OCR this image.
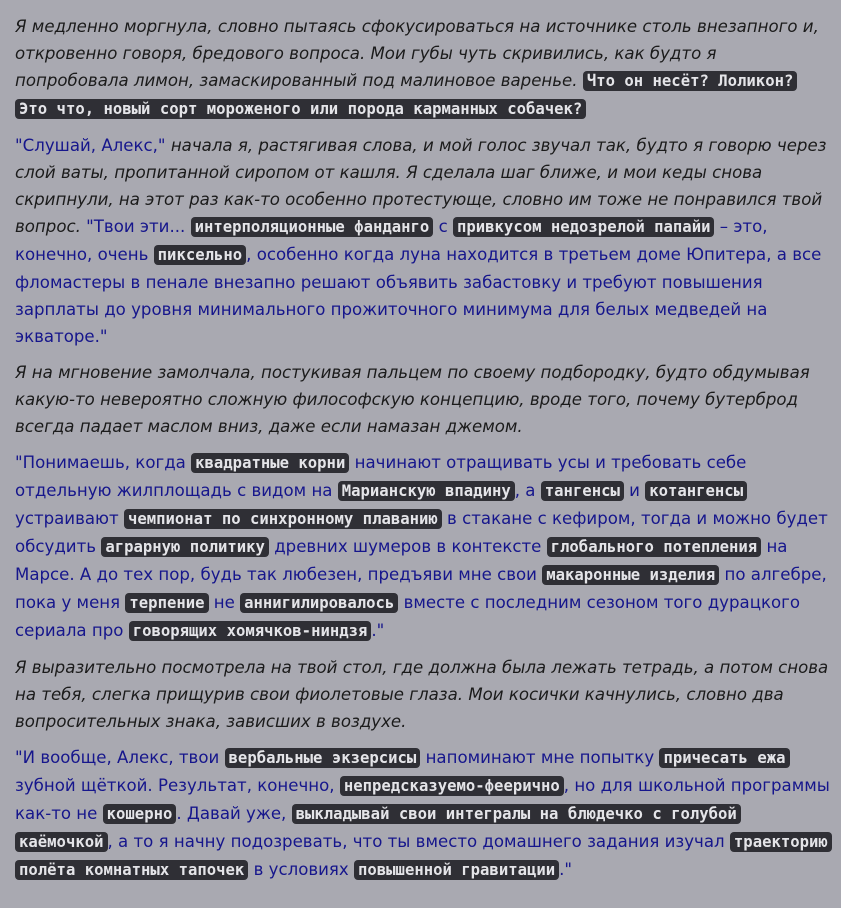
Я медленно моргнула, словно пытаясь сфокусироваться на источнике столь внезапного и, откровенно говоря, бредового вопроса. Мои губы чуть скривились, как будто я попробовала лимон, замаскированный под малиновое варенье. Что он несёт? Лоликон? Это что, новый сорт мороженого или порода карманных собачек?

"Слушай, Алекс," начала я, растягивая слова, и мой голос звучал так, будто я говорю через слой ваты, пропитанной сиропом от кашля. Я сделала шаг ближе, и мои кеды снова скрипнули, на этот раз как-то особенно протестующе, словно им тоже не понравился твой вопрос. "Твои эти... интерполяционные фанданго с привкусом недозрелой папайи – это, конечно, очень пиксельно , особенно когда луна находится в третьем доме Юпитера, а все фломастеры в пенале внезапно решают объявить забастовку и требуют повышения зарплаты до уровня минимального прожиточного минимума для белых медведей на экваторе."

Я на мгновение замолчала, постукивая пальцем по своему подбородку, будто обдумывая какую-то невероятно сложную философскую концепцию, вроде того, почему бутерброд всегда падает маслом вниз, даже если намазан джемом.

"Понимаешь, когда квадратные корни начинают отращивать усы и требовать себе отдельную жилплощадь с видом на Марианскую впадину , а тангенсы и котангенсы устраивают чемпионат по синхронному плаванию в стакане с кефиром, тогда и можно будет обсудить аграрную политику древних шумеров в контексте глобального потепления на Марсе. А до тех пор, будь так любезен, предъяви мне свои макаронные изделия по алгебре, пока у меня терпение не аннигилировалось вместе с последним сезоном того дурацкого сериала про говорящих хомячков-ниндзя ."

Я выразительно посмотрела на твой стол, где должна была лежать тетрадь, а потом снова на тебя, слегка прищурив свои фиолетовые глаза. Мои косички качнулись, словно два вопросительных знака, зависших в воздухе.

"И вообще, Алекс, твои вербальные экзерсисы напоминают мне попытку причесать ежа зубной щёткой. Результат, конечно, непредсказуемо-феерично , но для школьной программы как-то не кошерно . Давай уже, выкладывай свои интегралы на блюдечко с голубой каёмочкой , а то я начну подозревать, что ты вместо домашнего задания изучал траекторию полёта комнатных тапочек в условиях повышенной гравитации ."
